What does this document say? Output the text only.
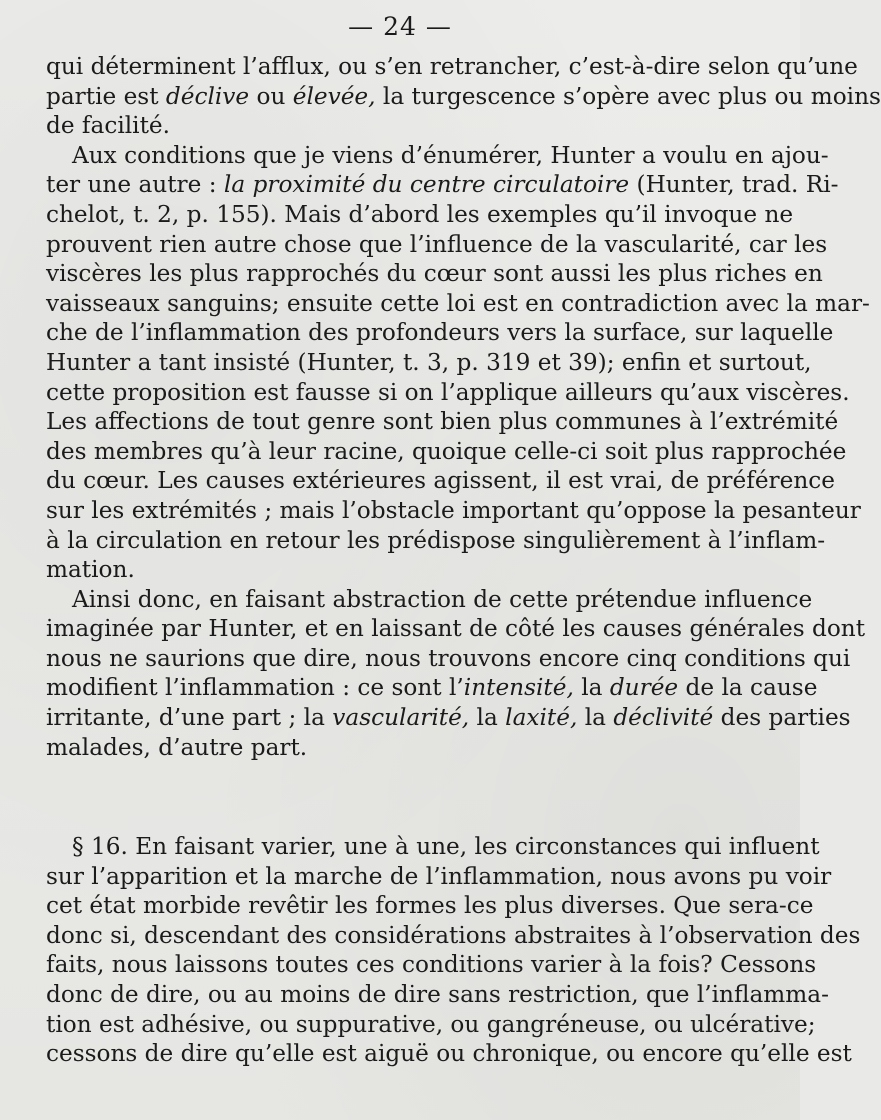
— 24 —
qui déterminent l’afflux, ou s’en retrancher, c’est-à-dire selon qu’une
partie est déclive ou élevée, la turgescence s’opère avec plus ou moins
de facilité.
Aux conditions que je viens d’énumérer, Hunter a voulu en ajou-
ter une autre : la proximité du centre circulatoire (Hunter, trad. Ri-
chelot, t. 2, p. 155). Mais d’abord les exemples qu’il invoque ne
prouvent rien autre chose que l’influence de la vascularité, car les
viscères les plus rapprochés du cœur sont aussi les plus riches en
vaisseaux sanguins; ensuite cette loi est en contradiction avec la mar-
che de l’inflammation des profondeurs vers la surface, sur laquelle
Hunter a tant insisté (Hunter, t. 3, p. 319 et 39); enfin et surtout,
cette proposition est fausse si on l’applique ailleurs qu’aux viscères.
Les affections de tout genre sont bien plus communes à l’extrémité
des membres qu’à leur racine, quoique celle-ci soit plus rapprochée
du cœur. Les causes extérieures agissent, il est vrai, de préférence
sur les extrémités ; mais l’obstacle important qu’oppose la pesanteur
à la circulation en retour les prédispose singulièrement à l’inflam-
mation.
Ainsi donc, en faisant abstraction de cette prétendue influence
imaginée par Hunter, et en laissant de côté les causes générales dont
nous ne saurions que dire, nous trouvons encore cinq conditions qui
modifient l’inflammation : ce sont l’intensité, la durée de la cause
irritante, d’une part ; la vascularité, la laxité, la déclivité des parties
malades, d’autre part.
§ 16. En faisant varier, une à une, les circonstances qui influent
sur l’apparition et la marche de l’inflammation, nous avons pu voir
cet état morbide revêtir les formes les plus diverses. Que sera-ce
donc si, descendant des considérations abstraites à l’observation des
faits, nous laissons toutes ces conditions varier à la fois? Cessons
donc de dire, ou au moins de dire sans restriction, que l’inflamma-
tion est adhésive, ou suppurative, ou gangréneuse, ou ulcérative;
cessons de dire qu’elle est aiguë ou chronique, ou encore qu’elle est
